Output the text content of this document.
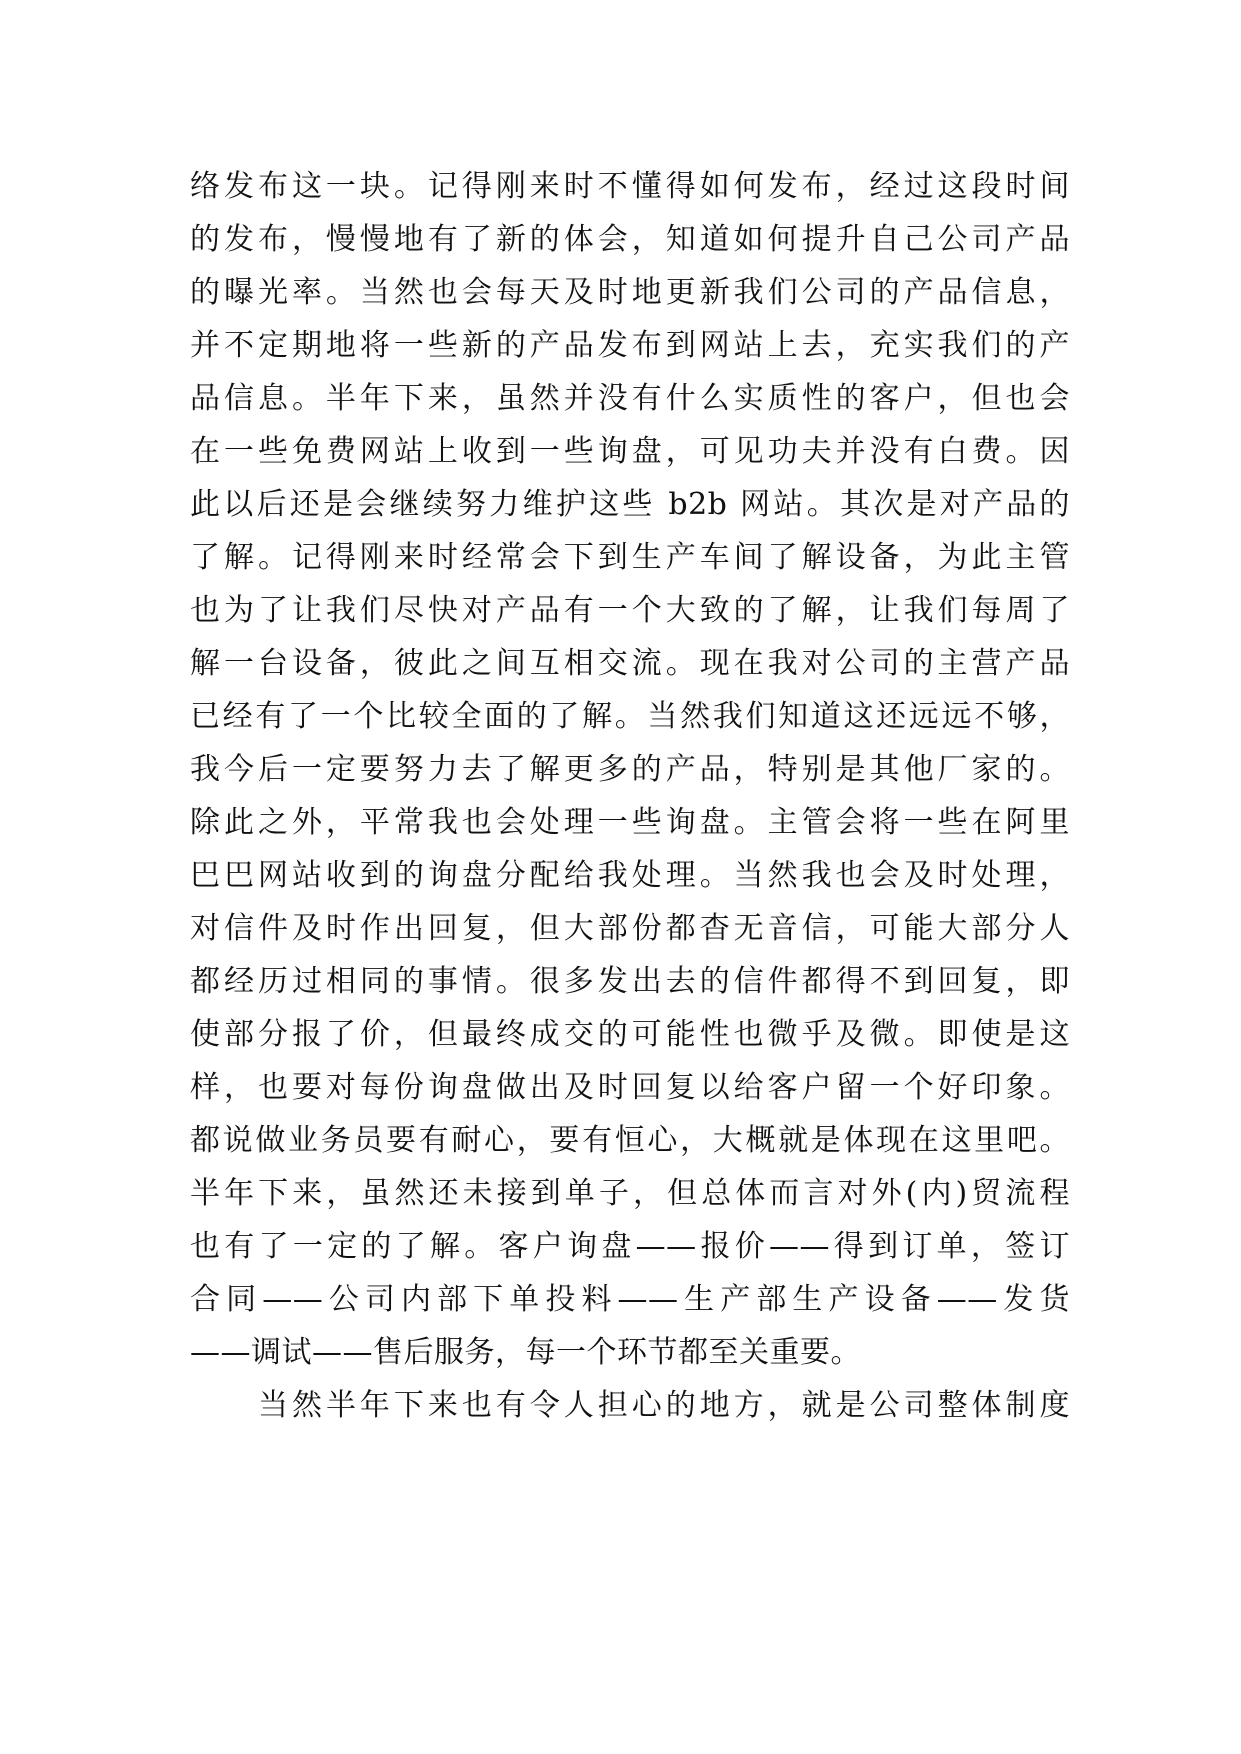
络发布这一块。记得刚来时不懂得如何发布，经过这段时间
的发布，慢慢地有了新的体会，知道如何提升自己公司产品
的曝光率。当然也会每天及时地更新我们公司的产品信息，
并不定期地将一些新的产品发布到网站上去，充实我们的产
品信息。半年下来，虽然并没有什么实质性的客户，但也会
在一些免费网站上收到一些询盘，可见功夫并没有白费。因
此以后还是会继续努力维护这些 b2b 网站。其次是对产品的
了解。记得刚来时经常会下到生产车间了解设备，为此主管
也为了让我们尽快对产品有一个大致的了解，让我们每周了
解一台设备，彼此之间互相交流。现在我对公司的主营产品
已经有了一个比较全面的了解。当然我们知道这还远远不够，
我今后一定要努力去了解更多的产品，特别是其他厂家的。
除此之外，平常我也会处理一些询盘。主管会将一些在阿里
巴巴网站收到的询盘分配给我处理。当然我也会及时处理，
对信件及时作出回复，但大部份都杳无音信，可能大部分人
都经历过相同的事情。很多发出去的信件都得不到回复，即
使部分报了价，但最终成交的可能性也微乎及微。即使是这
样，也要对每份询盘做出及时回复以给客户留一个好印象。
都说做业务员要有耐心，要有恒心，大概就是体现在这里吧。
半年下来，虽然还未接到单子，但总体而言对外(内)贸流程
也有了一定的了解。客户询盘——报价——得到订单，签订
合同——公司内部下单投料——生产部生产设备——发货
——调试——售后服务，每一个环节都至关重要。
当然半年下来也有令人担心的地方，就是公司整体制度
